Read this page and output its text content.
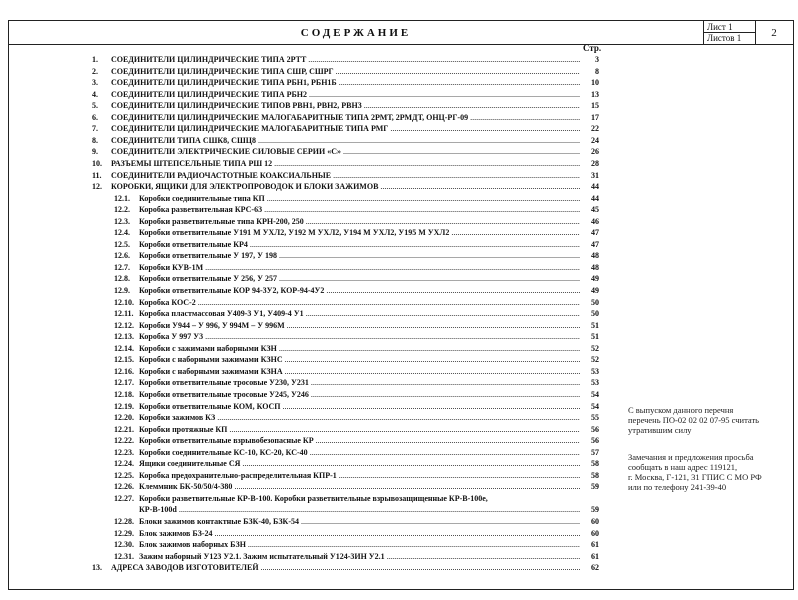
СОДЕРЖАНИЕ	Лист 1
Листов 1	2
Стр.
1. СОЕДИНИТЕЛИ ЦИЛИНДРИЧЕСКИЕ ТИПА 2РТТ .....	3
2. СОЕДИНИТЕЛИ ЦИЛИНДРИЧЕСКИЕ ТИПА СШР, СШРГ .....	8
3. СОЕДИНИТЕЛИ ЦИЛИНДРИЧЕСКИЕ ТИПА РБН1, РБН1Б .....	10
4. СОЕДИНИТЕЛИ ЦИЛИНДРИЧЕСКИЕ ТИПА РБН2 .....	13
5. СОЕДИНИТЕЛИ ЦИЛИНДРИЧЕСКИЕ ТИПОВ РВН1, РВН2, РВН3 .....	15
6. СОЕДИНИТЕЛИ ЦИЛИНДРИЧЕСКИЕ МАЛОГАБАРИТНЫЕ ТИПА 2РМТ, 2РМДТ, ОНЦ-РГ-09 .....	17
7. СОЕДИНИТЕЛИ ЦИЛИНДРИЧЕСКИЕ МАЛОГАБАРИТНЫЕ ТИПА РМГ .....	22
8. СОЕДИНИТЕЛИ ТИПА СШК8, СШЦ8 .....	24
9. СОЕДИНИТЕЛИ ЭЛЕКТРИЧЕСКИЕ СИЛОВЫЕ СЕРИИ «С» .....	26
10. РАЗЪЕМЫ ШТЕПСЕЛЬНЫЕ ТИПА РШ 12 .....	28
11. СОЕДИНИТЕЛИ РАДИОЧАСТОТНЫЕ КОАКСИАЛЬНЫЕ .....	31
12. КОРОБКИ, ЯЩИКИ ДЛЯ ЭЛЕКТРОПРОВОДОК И БЛОКИ ЗАЖИМОВ .....	44
12.1. Коробки соединительные типа КП .....	44
12.2. Коробка разветвительная КРС-63 .....	45
12.3. Коробки разветвительные типа КРН-200, 250 .....	46
12.4. Коробки ответвительные У191 М УХЛ2, У192 М УХЛ2, У194 М УХЛ2, У195 М УХЛ2 .....	47
12.5. Коробки ответвительные КР4 .....	47
12.6. Коробки ответвительные У 197, У 198 .....	48
12.7. Коробки КУВ-1М .....	48
12.8. Коробки ответвительные У 256, У 257 .....	49
12.9. Коробки ответвительные КОР 94-3У2, КОР-94-4У2 .....	49
12.10. Коробка КОС-2 .....	50
12.11. Коробка пластмассовая У409-3 У1, У409-4 У1 .....	50
12.12. Коробки У944 – У 996, У 994М – У 996М .....	51
12.13. Коробка У 997 У3 .....	51
12.14. Коробки с зажимами наборными КЗН .....	52
12.15. Коробки с наборными зажимами КЗНС .....	52
12.16. Коробки с наборными зажимами КЗНА .....	53
12.17. Коробки ответвительные тросовые У230, У231 .....	53
12.18. Коробки ответвительные тросовые У245, У246 .....	54
12.19. Коробки ответвительные КОМ, КОСП .....	54
12.20. Коробки зажимов КЗ .....	55
12.21. Коробки протяжные КП .....	56
12.22. Коробки ответвительные взрывобезопасные КР .....	56
12.23. Коробки соединительные КС-10, КС-20, КС-40 .....	57
12.24. Ящики соединительные СЯ .....	58
12.25. Коробка предохранительно-распределительная КПР-1 .....	58
12.26. Клеммник БК-50/50/4-380 .....	59
12.27. Коробки разветвительные КР-В-100. Коробки разветвительные взрывозащищенные КР-В-100е,
КР-В-100d .....	59
12.28. Блоки зажимов контактные БЗК-40, БЗК-54 .....	60
12.29. Блок зажимов БЗ-24 .....	60
12.30. Блок зажимов наборных БЗН .....	61
12.31. Зажим наборный У123 У2.1. Зажим испытательный У124-3ИН У2.1 .....	61
13. АДРЕСА ЗАВОДОВ ИЗГОТОВИТЕЛЕЙ .....	62
С выпуском данного перечня
перечень ПО-02 02 02 07-95 считать
утратившим силу
Замечания и предложения просьба
сообщать в наш адрес 119121,
г. Москва, Г-121, 31 ГПИС С МО РФ
или по телефону 241-39-40
